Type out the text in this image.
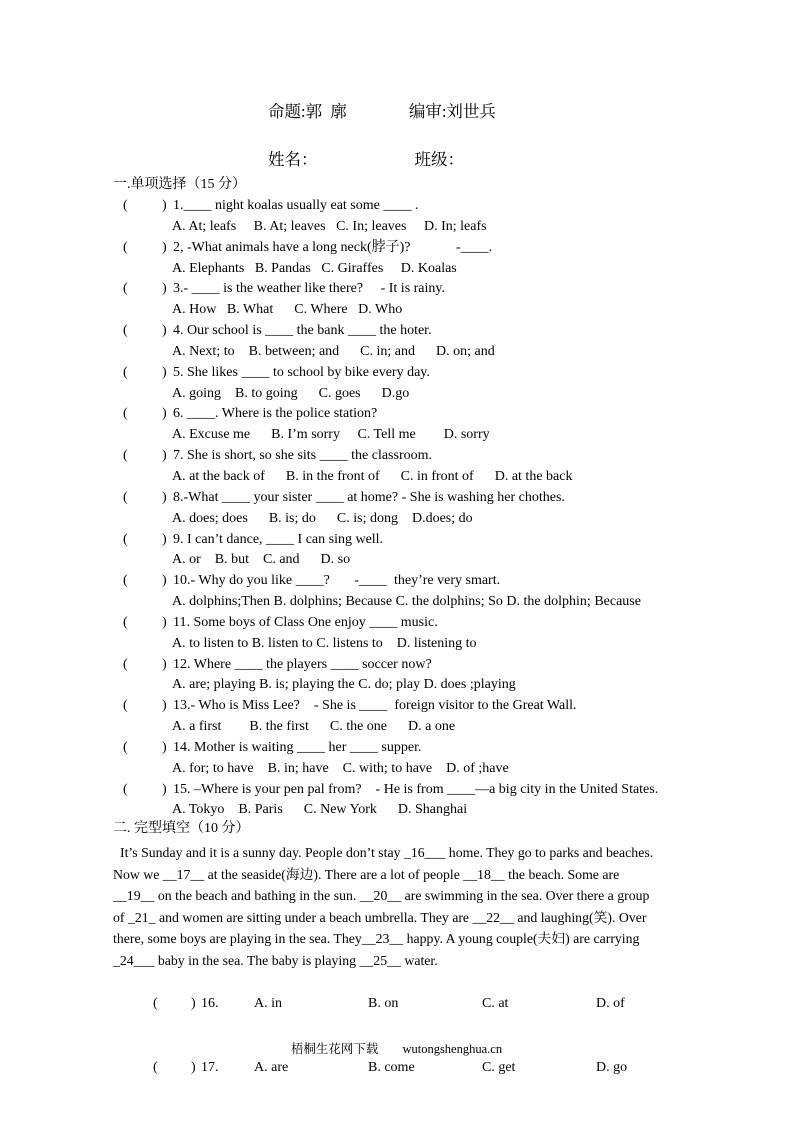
命题:郭  廓	编审:刘世兵
姓名：	班级：
一.单项选择（15 分）
( ) 1.____ night koalas usually eat some ____ .
A. At; leafs     B. At; leaves   C. In; leaves     D. In; leafs
( ) 2, -What animals have a long neck(脖子)?             -____.
A. Elephants   B. Pandas   C. Giraffes     D. Koalas
( ) 3.- ____ is the weather like there?     - It is rainy.
A. How   B. What      C. Where   D. Who
( ) 4. Our school is ____ the bank ____ the hoter.
A. Next; to    B. between; and      C. in; and      D. on; and
( ) 5. She likes ____ to school by bike every day.
A. going    B. to going      C. goes      D.go
( ) 6. ____. Where is the police station?
A. Excuse me      B. I’m sorry     C. Tell me        D. sorry
( ) 7. She is short, so she sits ____ the classroom.
A. at the back of      B. in the front of      C. in front of      D. at the back
( ) 8.-What ____ your sister ____ at home? - She is washing her chothes.
A. does; does      B. is; do      C. is; dong    D.does; do
( ) 9. I can’t dance, ____ I can sing well.
A. or    B. but    C. and      D. so
( ) 10.- Why do you like ____?       -____  they’re very smart.
A. dolphins;Then B. dolphins; Because C. the dolphins; So D. the dolphin; Because
( ) 11. Some boys of Class One enjoy ____ music.
A. to listen to B. listen to C. listens to    D. listening to
( ) 12. Where ____ the players ____ soccer now?
A. are; playing B. is; playing the C. do; play D. does ;playing
( ) 13.- Who is Miss Lee?    - She is ____  foreign visitor to the Great Wall.
A. a first        B. the first      C. the one      D. a one
( ) 14. Mother is waiting ____ her ____ supper.
A. for; to have    B. in; have    C. with; to have    D. of ;have
( ) 15. –Where is your pen pal from?    - He is from ____—a big city in the United States.
A. Tokyo    B. Paris      C. New York      D. Shanghai
二. 完型填空（10 分）
It’s Sunday and it is a sunny day. People don’t stay _16___ home. They go to parks and beaches.
Now we __17__ at the seaside(海边). There are a lot of people __18__ the beach. Some are
__19__ on the beach and bathing in the sun. __20__ are swimming in the sea. Over there a group
of _21_ and women are sitting under a beach umbrella. They are __22__ and laughing(笑). Over
there, some boys are playing in the sea. They__23__ happy. A young couple(夫妇) are carrying
_24___ baby in the sea. The baby is playing __25__ water.

( ) 16.	A. in	B. on	C. at	D. of

( ) 17.	A. are	B. come	C. get	D. go

梧桐生花网下载 wutongshenghua.cn
